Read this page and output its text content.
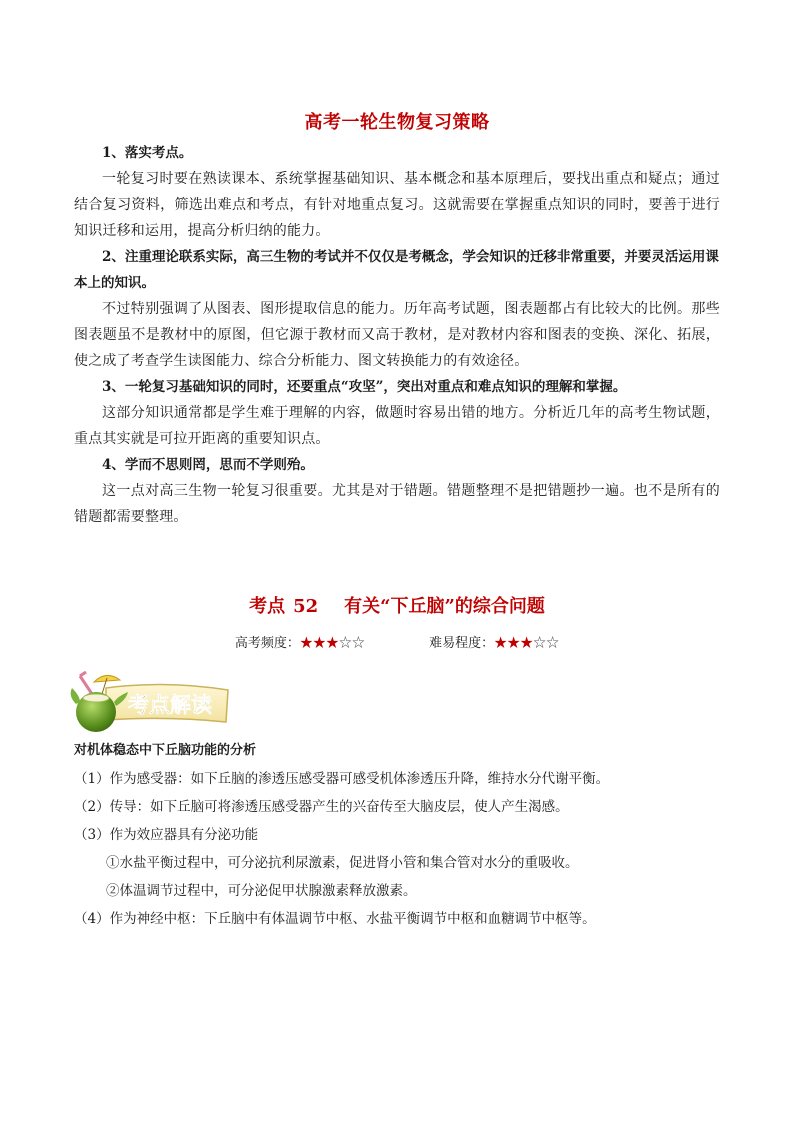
高考一轮生物复习策略

1、落实考点。

一轮复习时要在熟读课本、系统掌握基础知识、基本概念和基本原理后，要找出重点和疑点；通过结合复习资料，筛选出难点和考点，有针对地重点复习。这就需要在掌握重点知识的同时，要善于进行知识迁移和运用，提高分析归纳的能力。

2、注重理论联系实际，高三生物的考试并不仅仅是考概念，学会知识的迁移非常重要，并要灵活运用课本上的知识。

不过特别强调了从图表、图形提取信息的能力。历年高考试题，图表题都占有比较大的比例。那些图表题虽不是教材中的原图，但它源于教材而又高于教材，是对教材内容和图表的变换、深化、拓展，使之成了考查学生读图能力、综合分析能力、图文转换能力的有效途径。

3、一轮复习基础知识的同时，还要重点“攻坚”，突出对重点和难点知识的理解和掌握。

这部分知识通常都是学生难于理解的内容，做题时容易出错的地方。分析近几年的高考生物试题，重点其实就是可拉开距离的重要知识点。

4、学而不思则罔，思而不学则殆。

这一点对高三生物一轮复习很重要。尤其是对于错题。错题整理不是把错题抄一遍。也不是所有的错题都需要整理。

考点 52 有关“下丘脑”的综合问题
高考频度：★★★☆☆	难易程度：★★★☆☆
考点解读

对机体稳态中下丘脑功能的分析

（1）作为感受器：如下丘脑的渗透压感受器可感受机体渗透压升降，维持水分代谢平衡。

（2）传导：如下丘脑可将渗透压感受器产生的兴奋传至大脑皮层，使人产生渴感。

（3）作为效应器具有分泌功能

①水盐平衡过程中，可分泌抗利尿激素，促进肾小管和集合管对水分的重吸收。

②体温调节过程中，可分泌促甲状腺激素释放激素。

（4）作为神经中枢：下丘脑中有体温调节中枢、水盐平衡调节中枢和血糖调节中枢等。
